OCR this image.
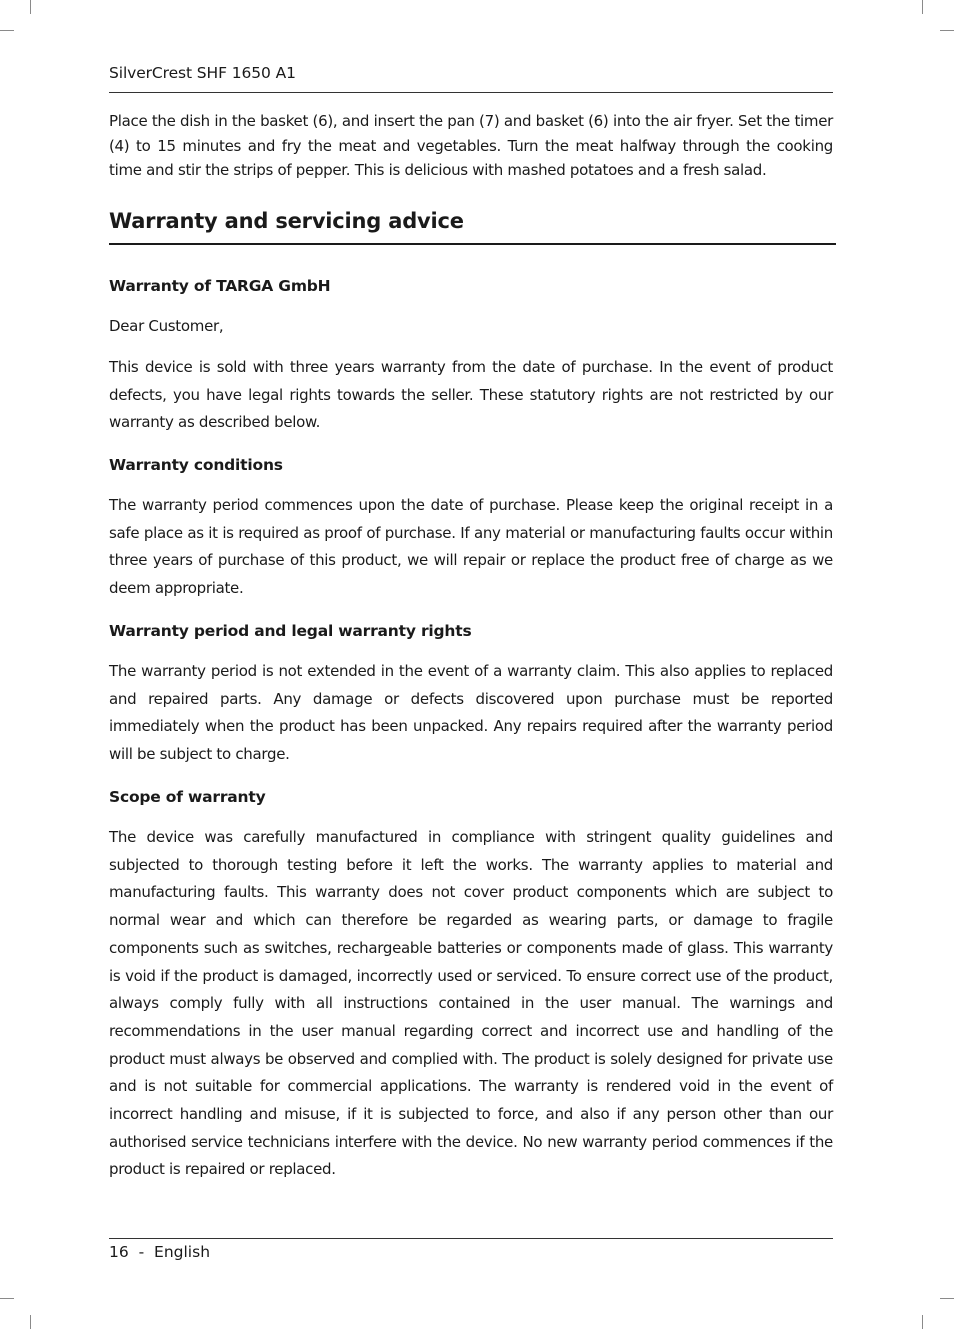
SilverCrest SHF 1650 A1

Place the dish in the basket (6), and insert the pan (7) and basket (6) into the air fryer. Set the timer (4) to 15 minutes and fry the meat and vegetables. Turn the meat halfway through the cooking time and stir the strips of pepper. This is delicious with mashed potatoes and a fresh salad.

Warranty and servicing advice
Warranty of TARGA GmbH

Dear Customer,

This device is sold with three years warranty from the date of purchase. In the event of product defects, you have legal rights towards the seller. These statutory rights are not restricted by our warranty as described below.

Warranty conditions

The warranty period commences upon the date of purchase. Please keep the original receipt in a safe place as it is required as proof of purchase. If any material or manufacturing faults occur within three years of purchase of this product, we will repair or replace the product free of charge as we deem appropriate.

Warranty period and legal warranty rights

The warranty period is not extended in the event of a warranty claim. This also applies to replaced and repaired parts. Any damage or defects discovered upon purchase must be reported immediately when the product has been unpacked. Any repairs required after the warranty period will be subject to charge.

Scope of warranty

The device was carefully manufactured in compliance with stringent quality guidelines and subjected to thorough testing before it left the works. The warranty applies to material and manufacturing faults. This warranty does not cover product components which are subject to normal wear and which can therefore be regarded as wearing parts, or damage to fragile components such as switches, rechargeable batteries or components made of glass. This warranty is void if the product is damaged, incorrectly used or serviced. To ensure correct use of the product, always comply fully with all instructions contained in the user manual. The warnings and recommendations in the user manual regarding correct and incorrect use and handling of the product must always be observed and complied with. The product is solely designed for private use and is not suitable for commercial applications. The warranty is rendered void in the event of incorrect handling and misuse, if it is subjected to force, and also if any person other than our authorised service technicians interfere with the device. No new warranty period commences if the product is repaired or replaced.

16 - English
